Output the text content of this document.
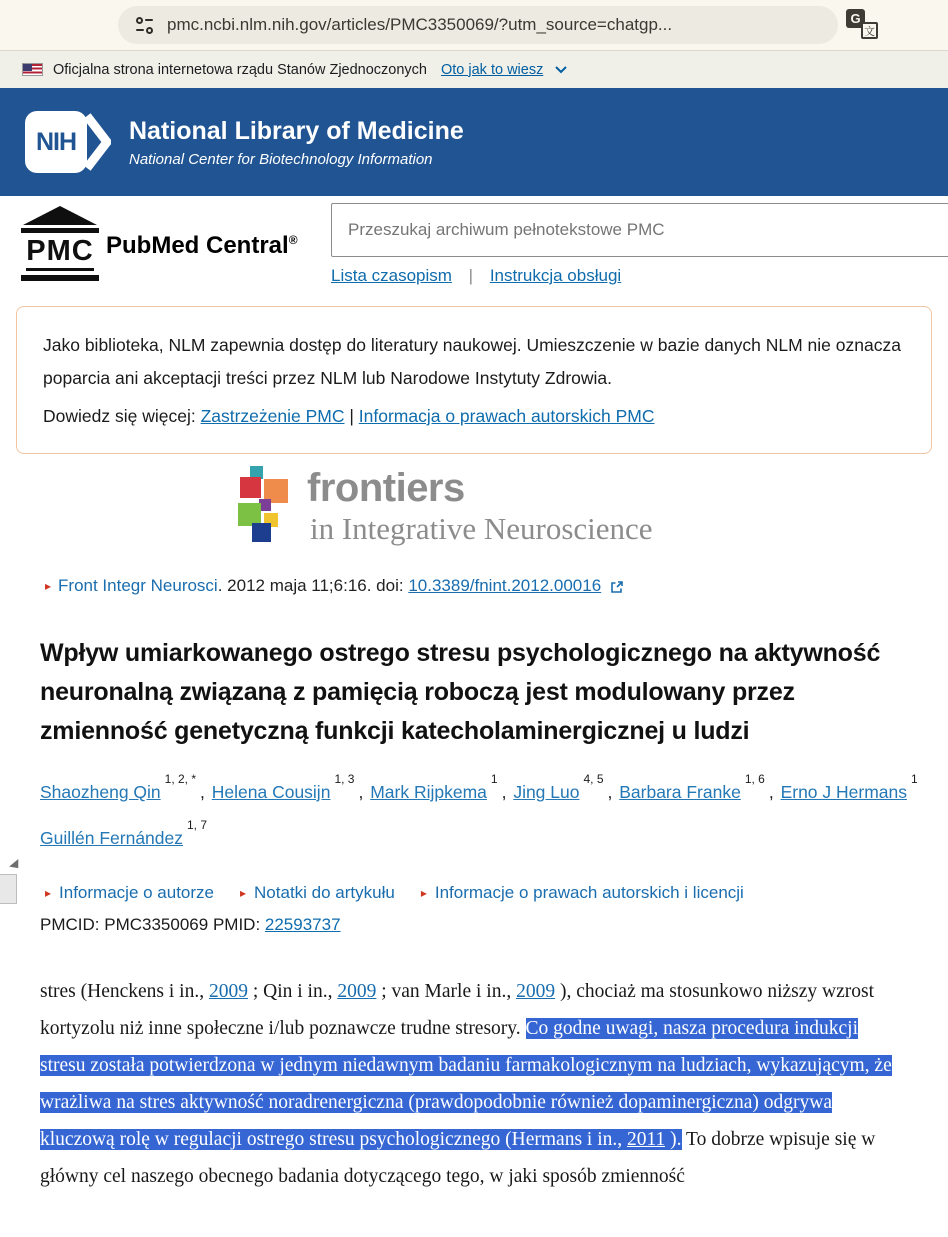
pmc.ncbi.nlm.nih.gov/articles/PMC3350069/?utm_source=chatgp...	G
文
Oficjalna strona internetowa rządu Stanów Zjednoczonych Oto jak to wiesz
NIH	National Library of Medicine
National Center for Biotechnology Information
PMC PubMed Central®
Przeszukaj archiwum pełnotekstowe PMC
Lista czasopism | Instrukcja obsługi
Jako biblioteka, NLM zapewnia dostęp do literatury naukowej. Umieszczenie w bazie danych NLM nie oznacza poparcia ani akceptacji treści przez NLM lub Narodowe Instytuty Zdrowia.
Dowiedz się więcej: Zastrzeżenie PMC | Informacja o prawach autorskich PMC
frontiers
in Integrative Neuroscience
▸ Front Integr Neurosci. 2012 maja 11;6:16. doi: 10.3389/fnint.2012.00016
Wpływ umiarkowanego ostrego stresu psychologicznego na aktywność neuronalną związaną z pamięcią roboczą jest modulowany przez zmienność genetyczną funkcji katecholaminergicznej u ludzi
Shaozheng Qin$^{1, 2, *}$, Helena Cousijn$^{1, 3}$, Mark Rijpkema$^1$, Jing Luo$^{4, 5}$, Barbara Franke$^{1, 6}$, Erno J Hermans$^1$
Guillén Fernández$^{1, 7}$
▸ Informacje o autorze ▸ Notatki do artykułu ▸ Informacje o prawach autorskich i licencji
PMCID: PMC3350069 PMID: 22593737

stres (Henckens i in., 2009 ; Qin i in., 2009 ; van Marle i in., 2009 ), chociaż ma stosunkowo niższy wzrost kortyzolu niż inne społeczne i/lub poznawcze trudne stresory. Co godne uwagi, nasza procedura indukcji stresu została potwierdzona w jednym niedawnym badaniu farmakologicznym na ludziach, wykazującym, że wrażliwa na stres aktywność noradrenergiczna (prawdopodobnie również dopaminergiczna) odgrywa kluczową rolę w regulacji ostrego stresu psychologicznego (Hermans i in., 2011 ). To dobrze wpisuje się w główny cel naszego obecnego badania dotyczącego tego, w jaki sposób zmienność
